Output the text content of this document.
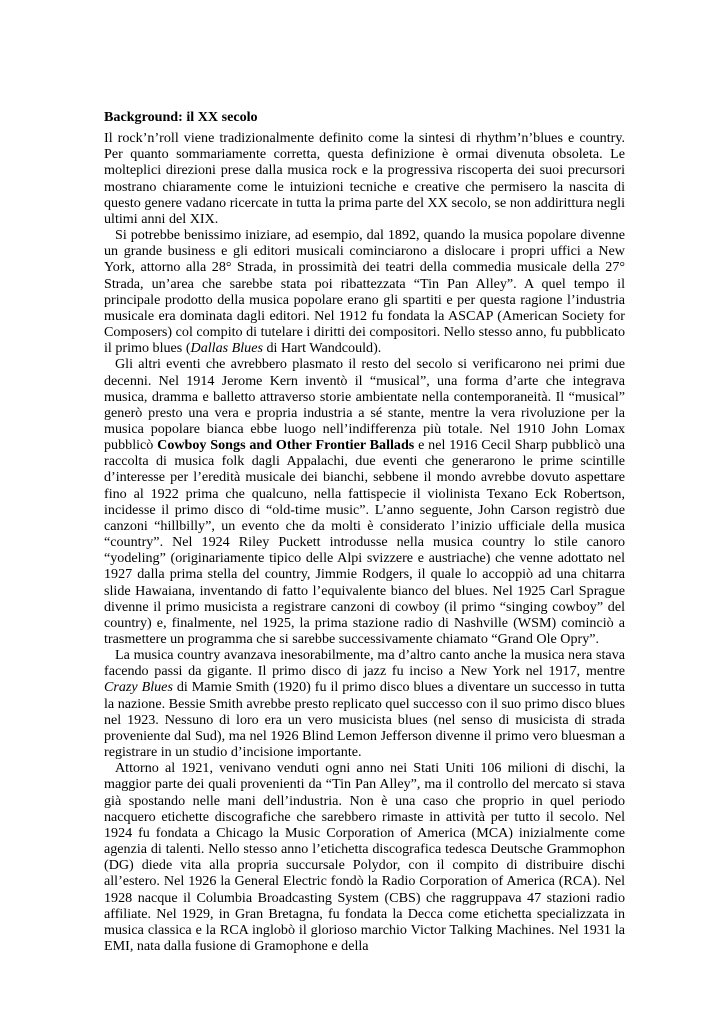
Background: il XX secolo

Il rock’n’roll viene tradizionalmente definito come la sintesi di rhythm’n’blues e country. Per quanto sommariamente corretta, questa definizione è ormai divenuta obsoleta. Le molteplici direzioni prese dalla musica rock e la progressiva riscoperta dei suoi precursori mostrano chiaramente come le intuizioni tecniche e creative che permisero la nascita di questo genere vadano ricercate in tutta la prima parte del XX secolo, se non addirittura negli ultimi anni del XIX.

Si potrebbe benissimo iniziare, ad esempio, dal 1892, quando la musica popolare divenne un grande business e gli editori musicali cominciarono a dislocare i propri uffici a New York, attorno alla 28° Strada, in prossimità dei teatri della commedia musicale della 27° Strada, un’area che sarebbe stata poi ribattezzata “Tin Pan Alley”. A quel tempo il principale prodotto della musica popolare erano gli spartiti e per questa ragione l’industria musicale era dominata dagli editori. Nel 1912 fu fondata la ASCAP (American Society for Composers) col compito di tutelare i diritti dei compositori. Nello stesso anno, fu pubblicato il primo blues (Dallas Blues di Hart Wandcould).

Gli altri eventi che avrebbero plasmato il resto del secolo si verificarono nei primi due decenni. Nel 1914 Jerome Kern inventò il “musical”, una forma d’arte che integrava musica, dramma e balletto attraverso storie ambientate nella contemporaneità. Il “musical” generò presto una vera e propria industria a sé stante, mentre la vera rivoluzione per la musica popolare bianca ebbe luogo nell’indifferenza più totale. Nel 1910 John Lomax pubblicò Cowboy Songs and Other Frontier Ballads e nel 1916 Cecil Sharp pubblicò una raccolta di musica folk dagli Appalachi, due eventi che generarono le prime scintille d’interesse per l’eredità musicale dei bianchi, sebbene il mondo avrebbe dovuto aspettare fino al 1922 prima che qualcuno, nella fattispecie il violinista Texano Eck Robertson, incidesse il primo disco di “old-time music”. L’anno seguente, John Carson registrò due canzoni “hillbilly”, un evento che da molti è considerato l’inizio ufficiale della musica “country”. Nel 1924 Riley Puckett introdusse nella musica country lo stile canoro “yodeling” (originariamente tipico delle Alpi svizzere e austriache) che venne adottato nel 1927 dalla prima stella del country, Jimmie Rodgers, il quale lo accoppiò ad una chitarra slide Hawaiana, inventando di fatto l’equivalente bianco del blues. Nel 1925 Carl Sprague divenne il primo musicista a registrare canzoni di cowboy (il primo “singing cowboy” del country) e, finalmente, nel 1925, la prima stazione radio di Nashville (WSM) cominciò a trasmettere un programma che si sarebbe successivamente chiamato “Grand Ole Opry”.

La musica country avanzava inesorabilmente, ma d’altro canto anche la musica nera stava facendo passi da gigante. Il primo disco di jazz fu inciso a New York nel 1917, mentre Crazy Blues di Mamie Smith (1920) fu il primo disco blues a diventare un successo in tutta la nazione. Bessie Smith avrebbe presto replicato quel successo con il suo primo disco blues nel 1923. Nessuno di loro era un vero musicista blues (nel senso di musicista di strada proveniente dal Sud), ma nel 1926 Blind Lemon Jefferson divenne il primo vero bluesman a registrare in un studio d’incisione importante.

Attorno al 1921, venivano venduti ogni anno nei Stati Uniti 106 milioni di dischi, la maggior parte dei quali provenienti da “Tin Pan Alley”, ma il controllo del mercato si stava già spostando nelle mani dell’industria. Non è una caso che proprio in quel periodo nacquero etichette discografiche che sarebbero rimaste in attività per tutto il secolo. Nel 1924 fu fondata a Chicago la Music Corporation of America (MCA) inizialmente come agenzia di talenti. Nello stesso anno l’etichetta discografica tedesca Deutsche Grammophon (DG) diede vita alla propria succursale Polydor, con il compito di distribuire dischi all’estero. Nel 1926 la General Electric fondò la Radio Corporation of America (RCA). Nel 1928 nacque il Columbia Broadcasting System (CBS) che raggruppava 47 stazioni radio affiliate. Nel 1929, in Gran Bretagna, fu fondata la Decca come etichetta specializzata in musica classica e la RCA inglobò il glorioso marchio Victor Talking Machines. Nel 1931 la EMI, nata dalla fusione di Gramophone e della
